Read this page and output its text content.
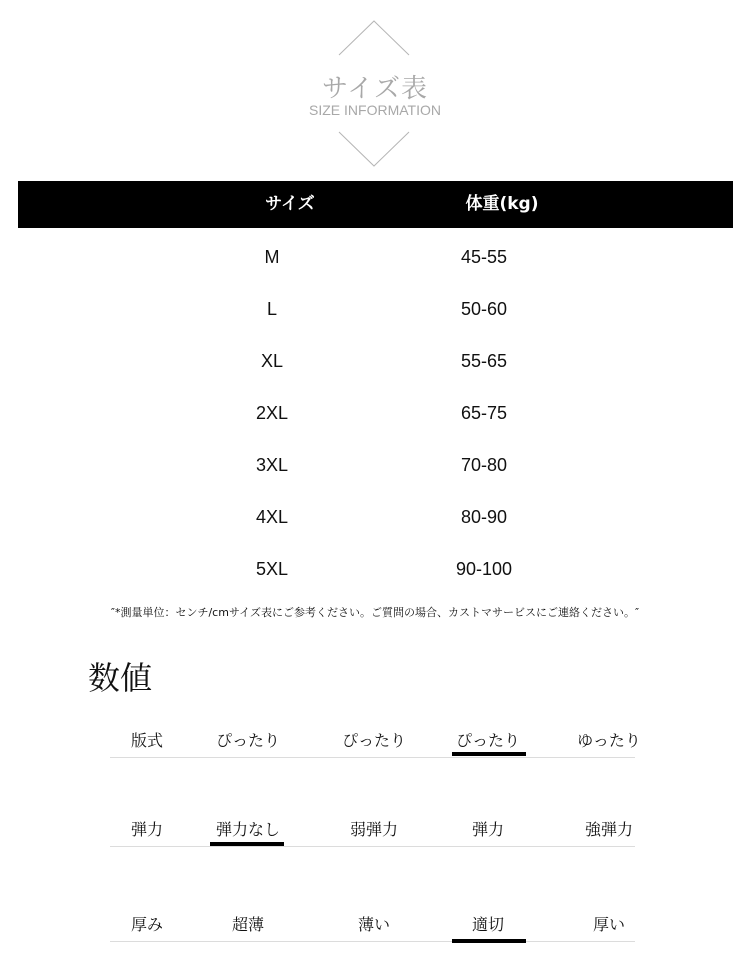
サイズ表
SIZE INFORMATION
サイズ	体重(kg)
M	45-55
L	50-60
XL	55-65
2XL	65-75
3XL	70-80
4XL	80-90
5XL	90-100
″*測量単位：センチ/cmサイズ表にご参考ください。ご質問の場合、カストマサービスにご連絡ください。″
数値
版式	ぴったり	ぴったり	ぴったり	ゆったり
弾力	弾力なし	弱弾力	弾力	強弾力
厚み	超薄	薄い	適切	厚い
